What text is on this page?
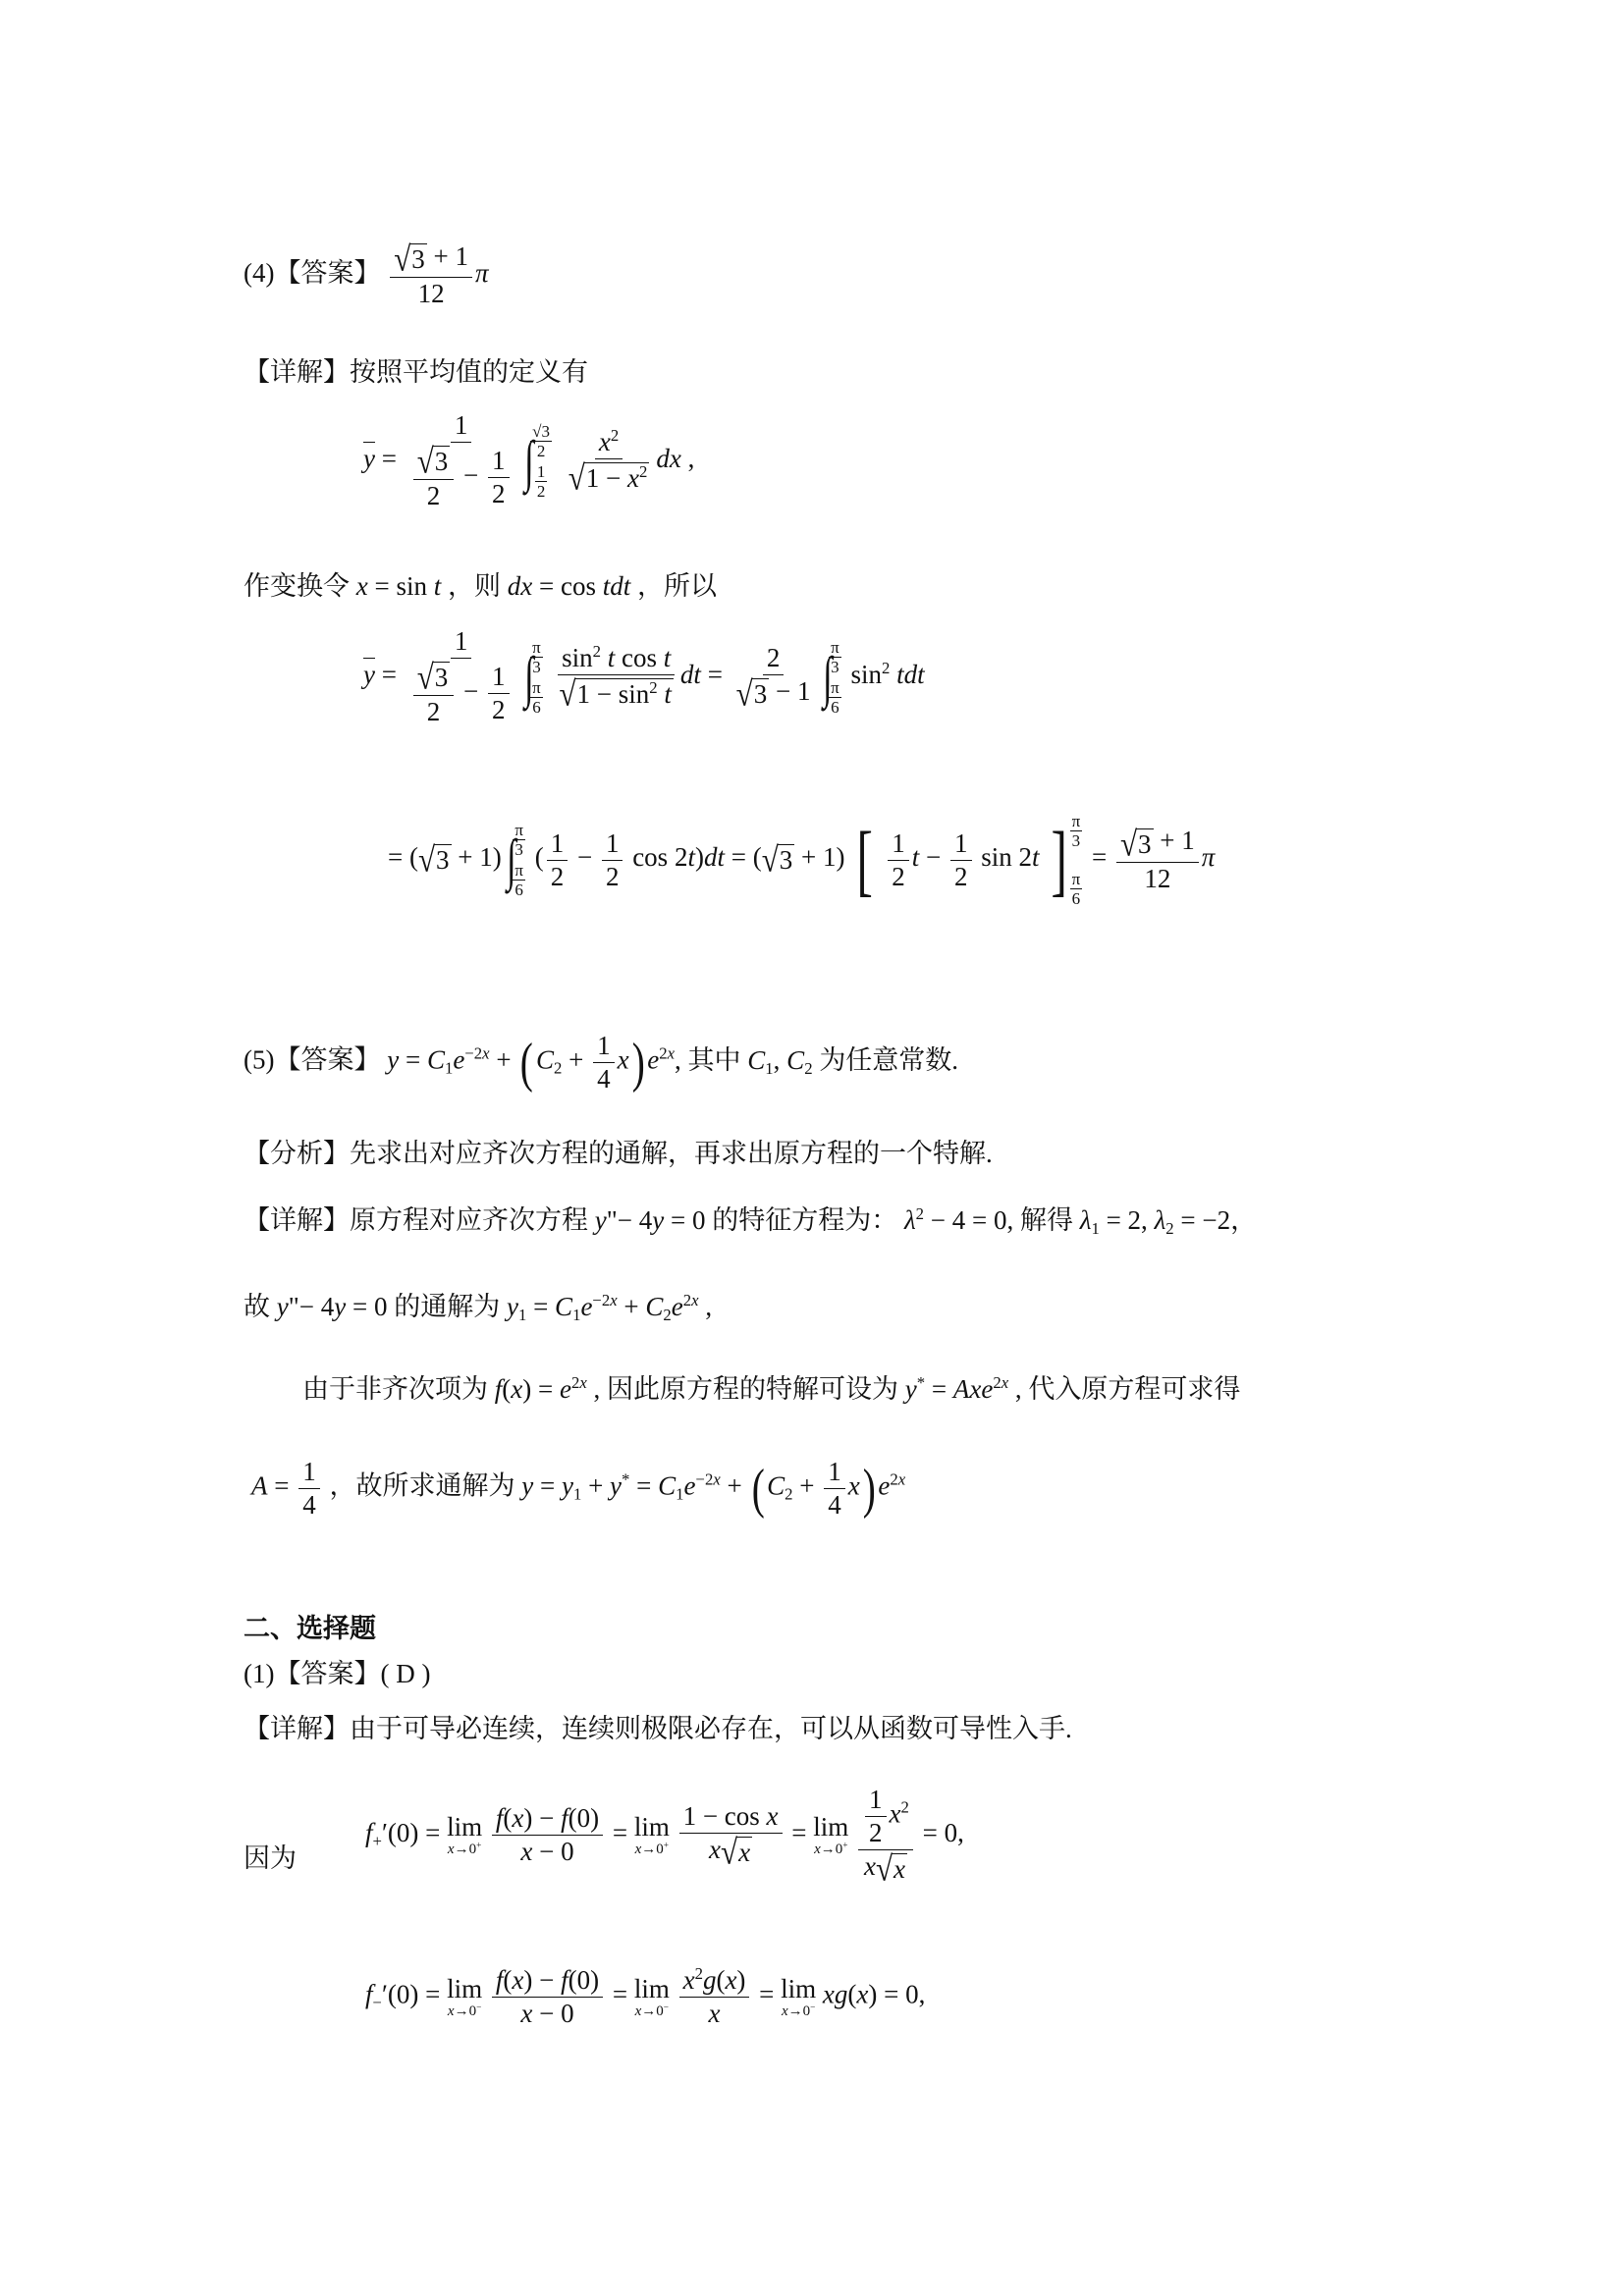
(4)【答案】 $\frac{√ 3 + 1}{12}$ π
【详解】按照平均值的定义有
$y = \frac{1}{\frac{√ 3}{2} - \frac{1}{2}}$
∫
$\frac{√3}{2}$
$\frac{1}{2}$
$\frac{x^2}{√ 1 - x^2}$ dx ,
作变换令 x = sin t ，则 dx = cos tdt ，所以
$y = \frac{1}{\frac{√ 3}{2} - \frac{1}{2}}$
∫
$\frac{\pi}{3}$
$\frac{\pi}{6}$
$\frac{\sin^2 t \cos t}{√ 1 - \sin^2 t}$ dt = $\frac{2}{√ 3 - 1}$
∫
$\frac{\pi}{3}$
$\frac{\pi}{6}$
$\sin^2$ tdt
= ( √ 3 + 1) ∫
$\frac{\pi}{3}$
$\frac{\pi}{6}$
( $\frac{1}{2} - \frac{1}{2}$ cos 2t)dt = ( √ 3 + 1) [
$\frac{1}{2}$ $t - \frac{1}{2}$ sin 2t ] $\frac{\pi}{3}$
$\frac{\pi}{6}$
= $\frac{√ 3 + 1}{12}$ π
(5)【答案】 $y = C_1e^{-2x}$ + ( $C_2 + \frac{1}{4} x$) $e^{2x}$, 其中 $C_1$, $C_2$ 为任意常数.
【分析】先求出对应齐次方程的通解，再求出原方程的一个特解.
【详解】原方程对应齐次方程 y"− 4y = 0 的特征方程为： $\lambda^2 - 4 = 0$, 解得 $\lambda_1 = 2$, $\lambda_2 = -2$，
故 y"− 4y = 0 的通解为 $y_1 = C_1e^{-2x} + C_2e^{2x}$ ,
由于非齐次项为 $f(x) = e^{2x}$ , 因此原方程的特解可设为 y* = Axe$^{2x}$ , 代入原方程可求得
$A = \frac{1}{4}$ ，故所求通解为 $y = y_1 + y^* = C_1e^{-2x}$ + ( $C_2 + \frac{1}{4} x$) $e^{2x}$
二、选择题
(1)【答案】( D )
【详解】由于可导必连续，连续则极限必存在，可以从函数可导性入手.
因为
$f_+'(0) = \lim$
x→0+
$\frac{f(x) - f(0)}{x - 0} = \lim$
x→0+
$\frac{\text{1 − cos x}}{x √ x} = \lim$
x→0+
$\frac{\frac{1}{2} x^2}{x √ x} = 0$,
$f_-'(0) = \lim$
x→0−
$\frac{f(x) - f(0)}{x - 0} = \lim$
x→0−
$\frac{x^2g(x)}{x} = \lim$
x→0− xg(x) = 0,
